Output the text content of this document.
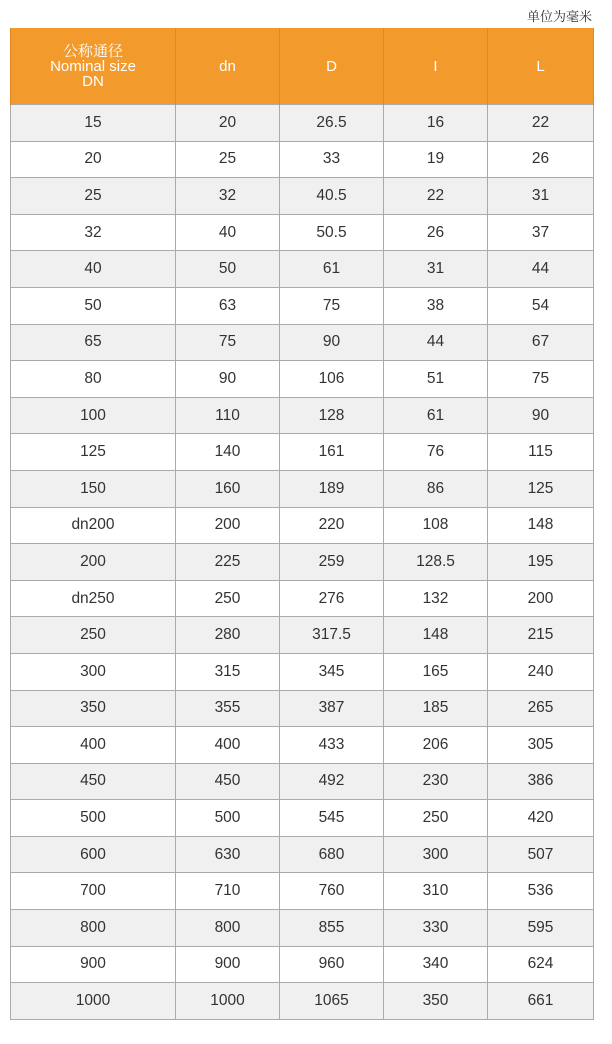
单位为毫米
公称通径
Nominal size
DN	dn	D	I	L
15	20	26.5	16	22
20	25	33	19	26
25	32	40.5	22	31
32	40	50.5	26	37
40	50	61	31	44
50	63	75	38	54
65	75	90	44	67
80	90	106	51	75
100	110	128	61	90
125	140	161	76	115
150	160	189	86	125
dn200	200	220	108	148
200	225	259	128.5	195
dn250	250	276	132	200
250	280	317.5	148	215
300	315	345	165	240
350	355	387	185	265
400	400	433	206	305
450	450	492	230	386
500	500	545	250	420
600	630	680	300	507
700	710	760	310	536
800	800	855	330	595
900	900	960	340	624
1000	1000	1065	350	661
